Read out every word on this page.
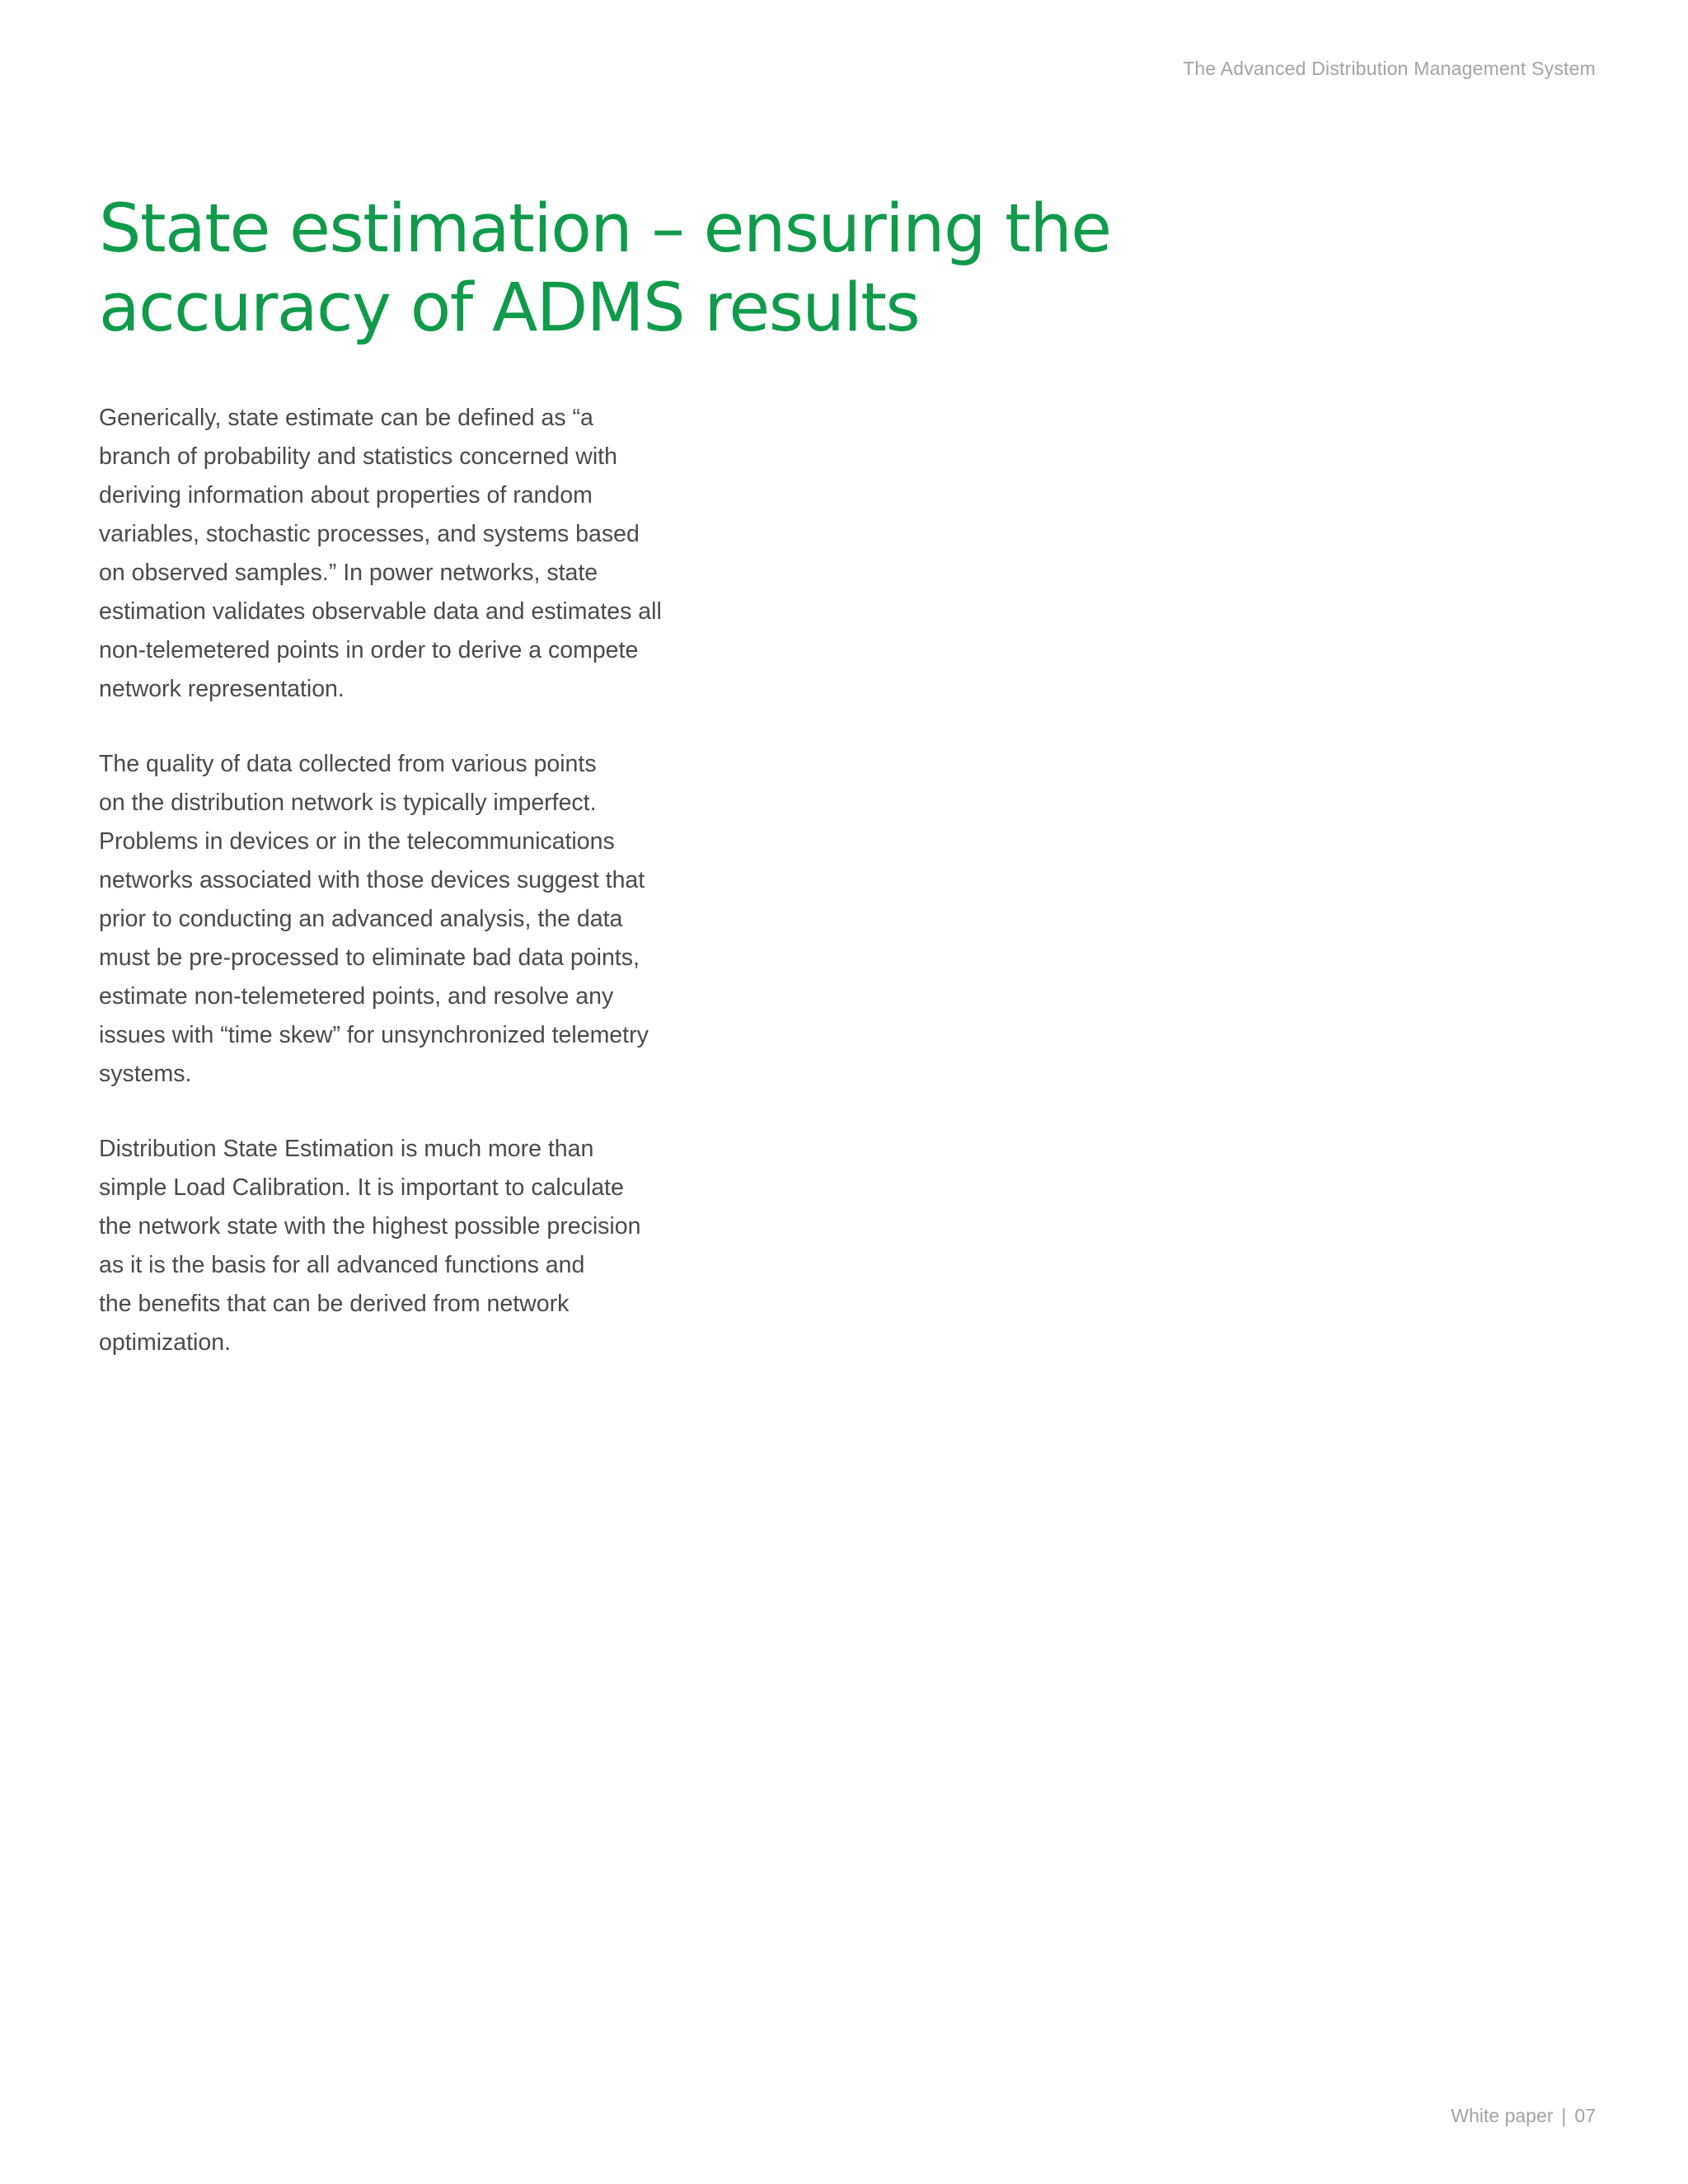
The Advanced Distribution Management System
State estimation – ensuring the
accuracy of ADMS results

Generically, state estimate can be defined as “a
branch of probability and statistics concerned with
deriving information about properties of random
variables, stochastic processes, and systems based
on observed samples.” In power networks, state
estimation validates observable data and estimates all
non-telemetered points in order to derive a compete
network representation.

The quality of data collected from various points
on the distribution network is typically imperfect.
Problems in devices or in the telecommunications
networks associated with those devices suggest that
prior to conducting an advanced analysis, the data
must be pre-processed to eliminate bad data points,
estimate non-telemetered points, and resolve any
issues with “time skew” for unsynchronized telemetry
systems.

Distribution State Estimation is much more than
simple Load Calibration. It is important to calculate
the network state with the highest possible precision
as it is the basis for all advanced functions and
the benefits that can be derived from network
optimization.

White paper | 07
